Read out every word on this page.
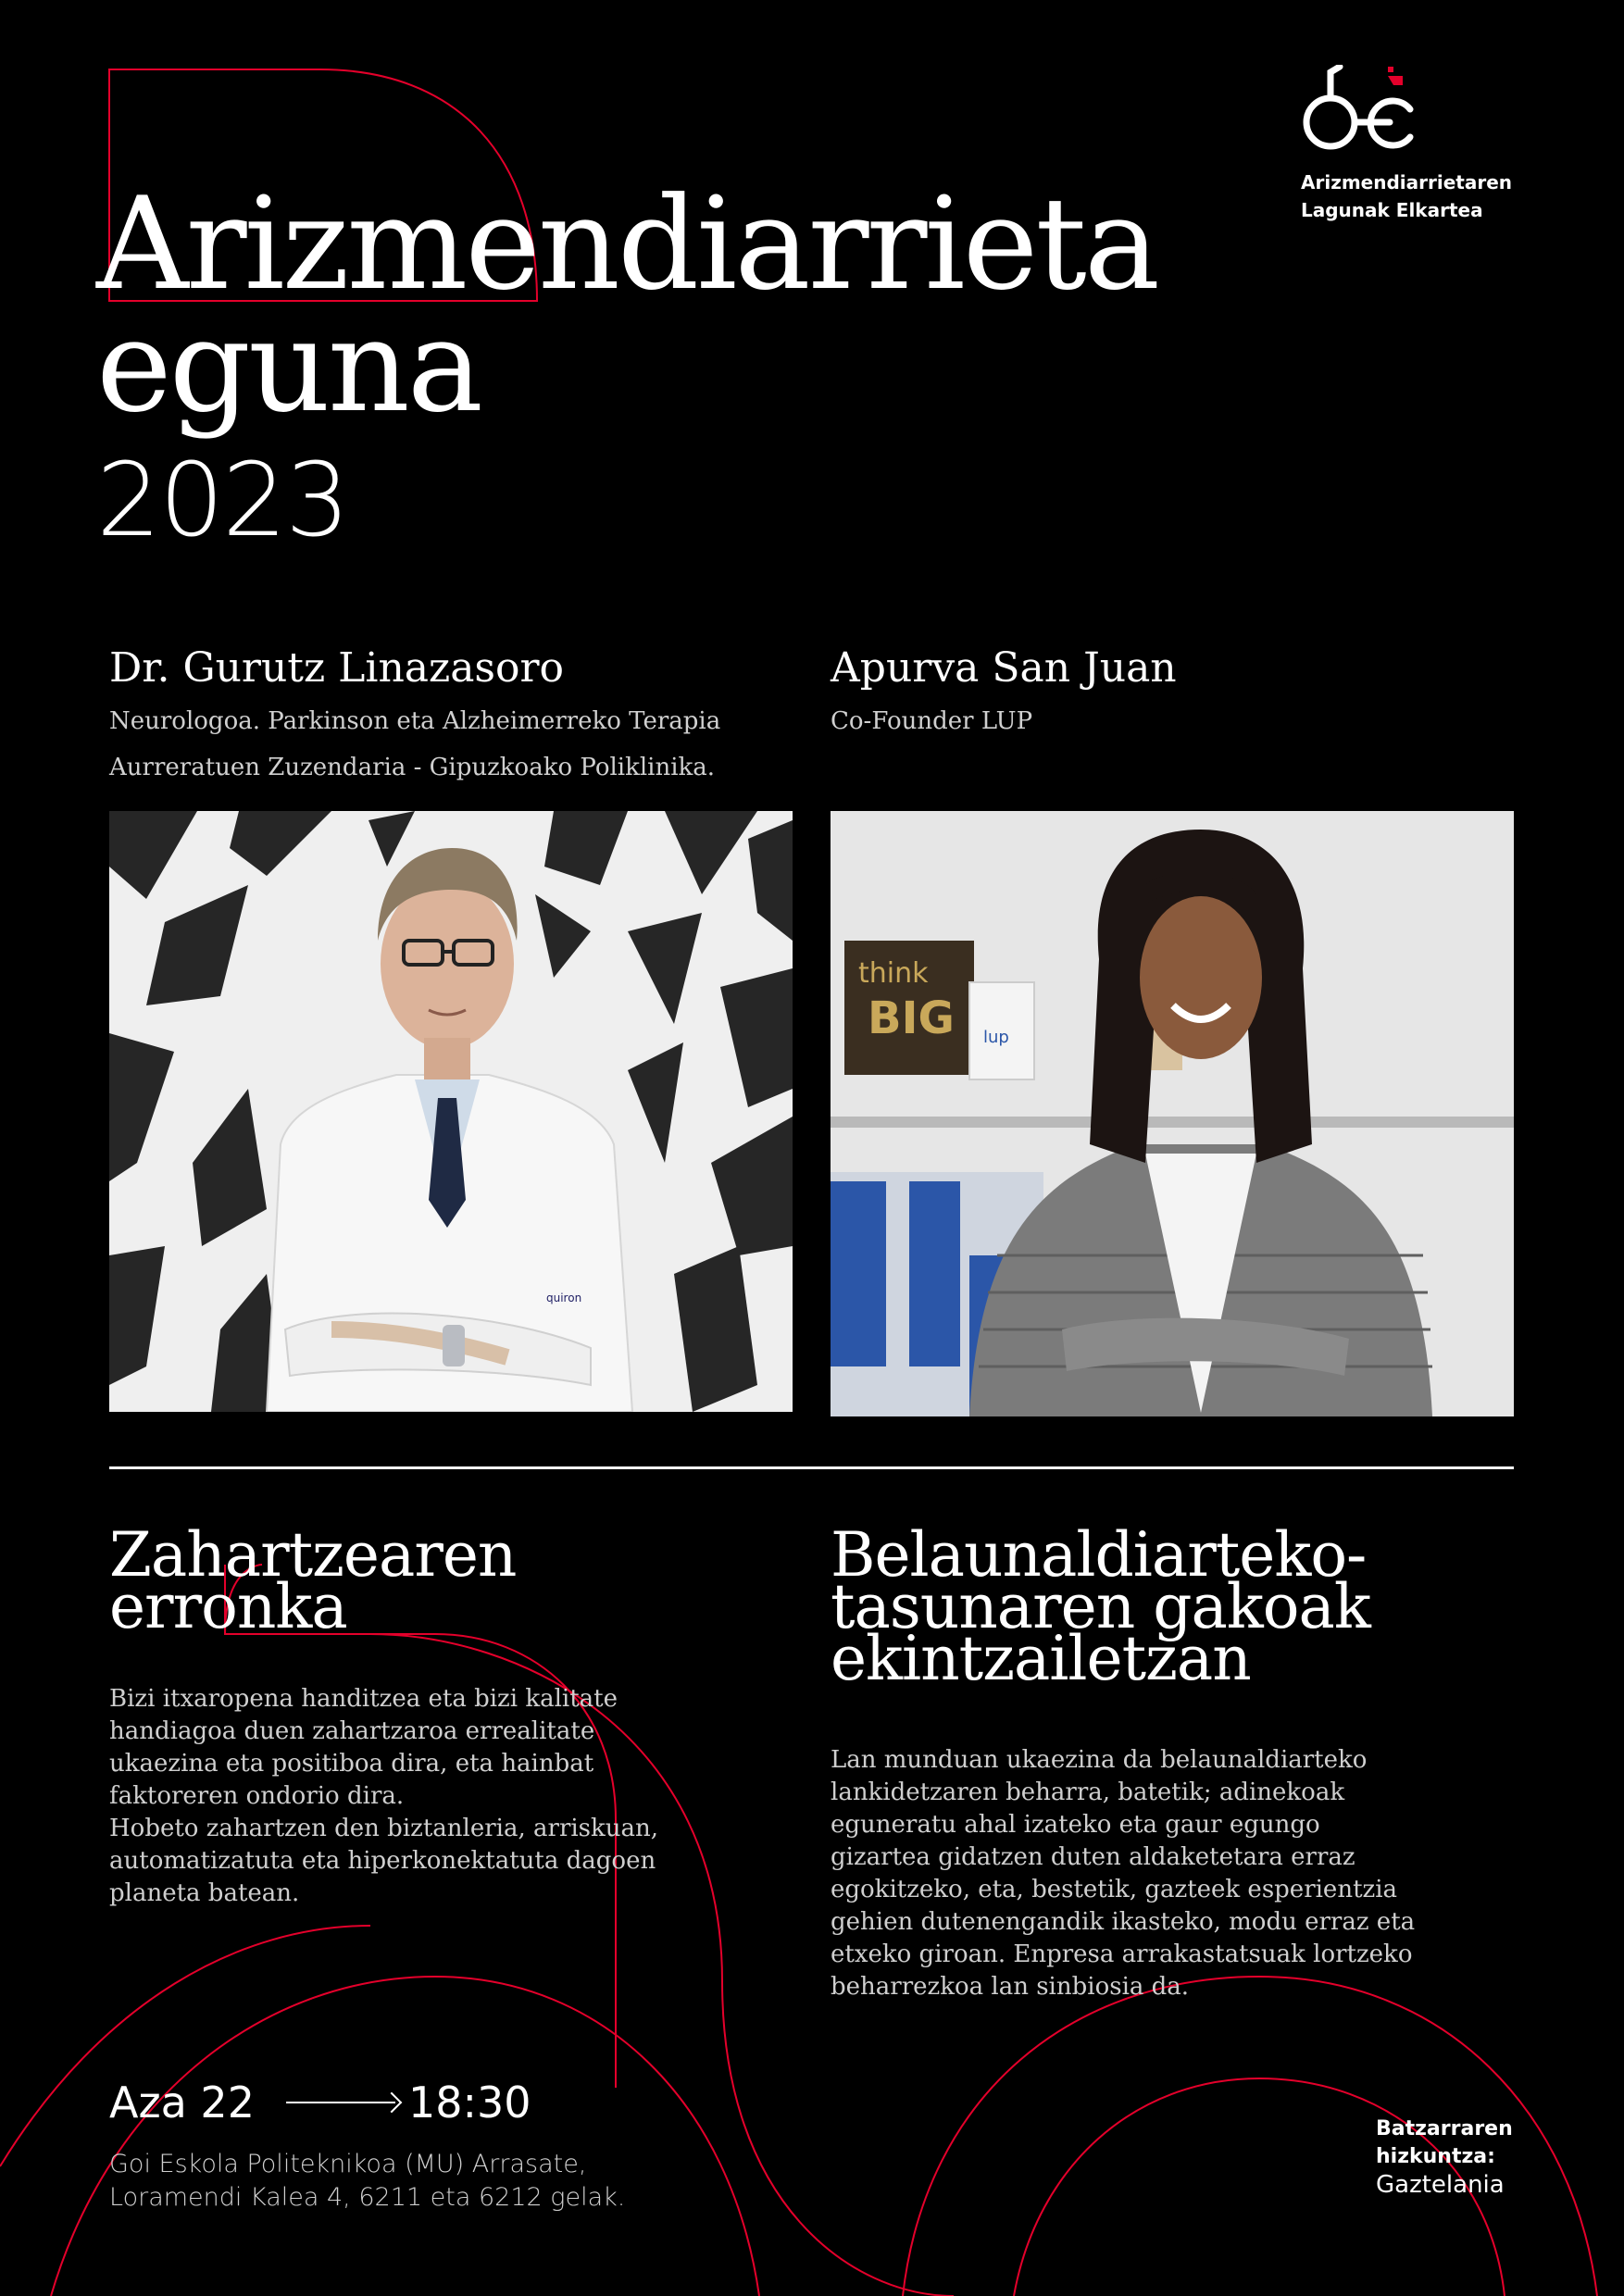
Arizmendiarrieta
eguna
2023
Arizmendiarrietaren
Lagunak Elkartea
Dr. Gurutz Linazasoro
Neurologoa. Parkinson eta Alzheimerreko Terapia
Aurreratuen Zuzendaria - Gipuzkoako Poliklinika.
Apurva San Juan
Co-Founder LUP
quiron
think
BIG lup
Zahartzearen
erronka
Bizi itxaropena handitzea eta bizi kalitate
handiagoa duen zahartzaroa errealitate
ukaezina eta positiboa dira, eta hainbat
faktoreren ondorio dira.
Hobeto zahartzen den biztanleria, arriskuan,
automatizatuta eta hiperkonektatuta dagoen
planeta batean.
Belaunaldiarteko-
tasunaren gakoak
ekintzailetzan
Lan munduan ukaezina da belaunaldiarteko
lankidetzaren beharra, batetik; adinekoak
eguneratu ahal izateko eta gaur egungo
gizartea gidatzen duten aldaketetara erraz
egokitzeko, eta, bestetik, gazteek esperientzia
gehien dutenengandik ikasteko, modu erraz eta
etxeko giroan. Enpresa arrakastatsuak lortzeko
beharrezkoa lan sinbiosia da.
Aza 22	18:30
Goi Eskola Politeknikoa (MU) Arrasate,
Loramendi Kalea 4, 6211 eta 6212 gelak.
Batzarraren
hizkuntza:
Gaztelania
